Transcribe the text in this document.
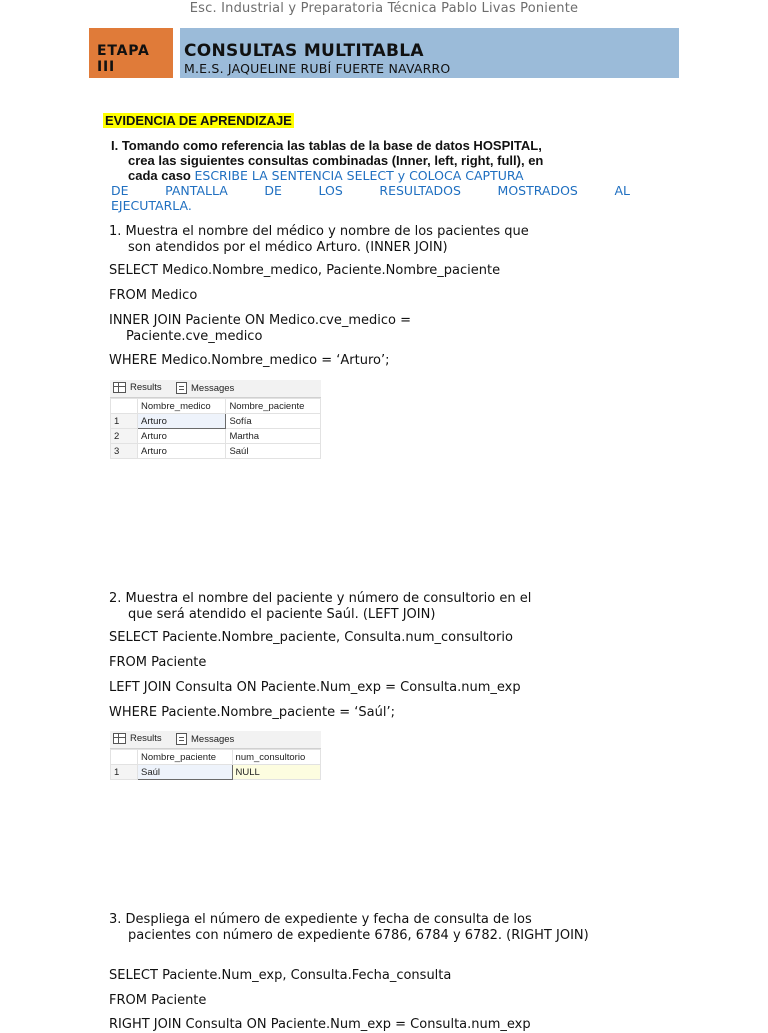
Esc. Industrial y Preparatoria Técnica Pablo Livas Poniente
ETAPA
III
CONSULTAS MULTITABLA
M.E.S. JAQUELINE RUBÍ FUERTE NAVARRO
EVIDENCIA DE APRENDIZAJE
I. Tomando como referencia las tablas de la base de datos HOSPITAL,
crea las siguientes consultas combinadas (Inner, left, right, full), en
cada caso ESCRIBE LA SENTENCIA SELECT y COLOCA CAPTURA
DE PANTALLA DE LOS RESULTADOS MOSTRADOS AL
EJECUTARLA.
1. Muestra el nombre del médico y nombre de los pacientes que
son atendidos por el médico Arturo. (INNER JOIN)
SELECT Medico.Nombre_medico, Paciente.Nombre_paciente
FROM Medico
INNER JOIN Paciente ON Medico.cve_medico =
Paciente.cve_medico
WHERE Medico.Nombre_medico = ‘Arturo’;
Results	Messages
	Nombre_medico	Nombre_paciente
1	Arturo	Sofía
2	Arturo	Martha
3	Arturo	Saúl
2. Muestra el nombre del paciente y número de consultorio en el
que será atendido el paciente Saúl. (LEFT JOIN)
SELECT Paciente.Nombre_paciente, Consulta.num_consultorio
FROM Paciente
LEFT JOIN Consulta ON Paciente.Num_exp = Consulta.num_exp
WHERE Paciente.Nombre_paciente = ‘Saúl’;
Results	Messages
	Nombre_paciente	num_consultorio
1	Saúl	NULL
3. Despliega el número de expediente y fecha de consulta de los
pacientes con número de expediente 6786, 6784 y 6782. (RIGHT JOIN)
SELECT Paciente.Num_exp, Consulta.Fecha_consulta
FROM Paciente
RIGHT JOIN Consulta ON Paciente.Num_exp = Consulta.num_exp
